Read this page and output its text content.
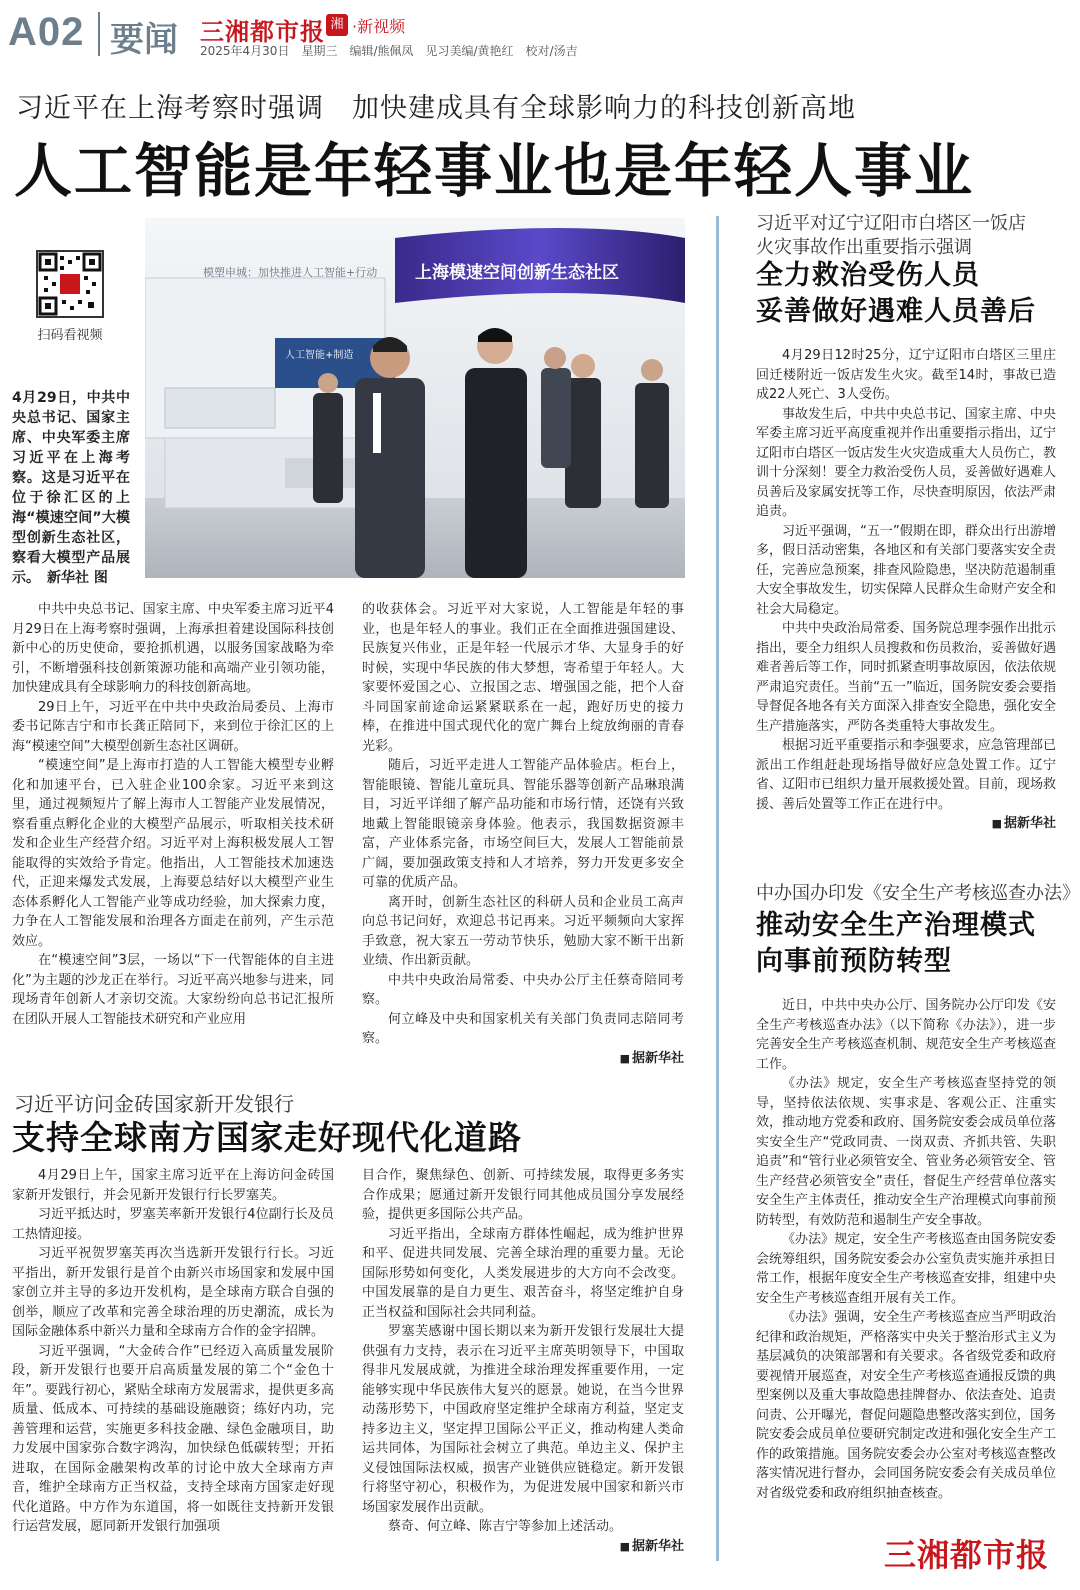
A02 要闻 三湘都市报 湘 ·新视频
2025年4月30日　星期三　编辑/熊佩凤　见习美编/黄艳红　校对/汤吉
习近平在上海考察时强调　加快建成具有全球影响力的科技创新高地
人工智能是年轻事业也是年轻人事业
扫码看视频
模塑申城：加快推进人工智能+行动
人工智能+制造
上海模速空间创新生态社区
4月29日，中共中央总书记、国家主席、中央军委主席习近平在上海考察。这是习近平在位于徐汇区的上海“模速空间”大模型创新生态社区，察看大模型产品展示。　新华社 图

中共中央总书记、国家主席、中央军委主席习近平4月29日在上海考察时强调，上海承担着建设国际科技创新中心的历史使命，要抢抓机遇，以服务国家战略为牵引，不断增强科技创新策源功能和高端产业引领功能，加快建成具有全球影响力的科技创新高地。

29日上午，习近平在中共中央政治局委员、上海市委书记陈吉宁和市长龚正陪同下，来到位于徐汇区的上海“模速空间”大模型创新生态社区调研。

“模速空间”是上海市打造的人工智能大模型专业孵化和加速平台，已入驻企业100余家。习近平来到这里，通过视频短片了解上海市人工智能产业发展情况，察看重点孵化企业的大模型产品展示，听取相关技术研发和企业生产经营介绍。习近平对上海积极发展人工智能取得的实效给予肯定。他指出，人工智能技术加速迭代，正迎来爆发式发展，上海要总结好以大模型产业生态体系孵化人工智能产业等成功经验，加大探索力度，力争在人工智能发展和治理各方面走在前列，产生示范效应。

在“模速空间”3层，一场以“下一代智能体的自主进化”为主题的沙龙正在举行。习近平高兴地参与进来，同现场青年创新人才亲切交流。大家纷纷向总书记汇报所在团队开展人工智能技术研究和产业应用

的收获体会。习近平对大家说，人工智能是年轻的事业，也是年轻人的事业。我们正在全面推进强国建设、民族复兴伟业，正是年轻一代展示才华、大显身手的好时候，实现中华民族的伟大梦想，寄希望于年轻人。大家要怀爱国之心、立报国之志、增强国之能，把个人奋斗同国家前途命运紧紧联系在一起，跑好历史的接力棒，在推进中国式现代化的宽广舞台上绽放绚丽的青春光彩。

随后，习近平走进人工智能产品体验店。柜台上，智能眼镜、智能儿童玩具、智能乐器等创新产品琳琅满目，习近平详细了解产品功能和市场行情，还饶有兴致地戴上智能眼镜亲身体验。他表示，我国数据资源丰富，产业体系完备，市场空间巨大，发展人工智能前景广阔，要加强政策支持和人才培养，努力开发更多安全可靠的优质产品。

离开时，创新生态社区的科研人员和企业员工高声向总书记问好，欢迎总书记再来。习近平频频向大家挥手致意，祝大家五一劳动节快乐，勉励大家不断干出新业绩、作出新贡献。

中共中央政治局常委、中央办公厅主任蔡奇陪同考察。

何立峰及中央和国家机关有关部门负责同志陪同考察。

■ 据新华社
习近平访问金砖国家新开发银行
支持全球南方国家走好现代化道路

4月29日上午，国家主席习近平在上海访问金砖国家新开发银行，并会见新开发银行行长罗塞芙。

习近平抵达时，罗塞芙率新开发银行4位副行长及员工热情迎接。

习近平祝贺罗塞芙再次当选新开发银行行长。习近平指出，新开发银行是首个由新兴市场国家和发展中国家创立并主导的多边开发机构，是全球南方联合自强的创举，顺应了改革和完善全球治理的历史潮流，成长为国际金融体系中新兴力量和全球南方合作的金字招牌。

习近平强调，“大金砖合作”已经迈入高质量发展阶段，新开发银行也要开启高质量发展的第二个“金色十年”。要践行初心，紧贴全球南方发展需求，提供更多高质量、低成本、可持续的基础设施融资；练好内功，完善管理和运营，实施更多科技金融、绿色金融项目，助力发展中国家弥合数字鸿沟，加快绿色低碳转型；开拓进取，在国际金融架构改革的讨论中放大全球南方声音，维护全球南方正当权益，支持全球南方国家走好现代化道路。中方作为东道国，将一如既往支持新开发银行运营发展，愿同新开发银行加强项

目合作，聚焦绿色、创新、可持续发展，取得更多务实合作成果；愿通过新开发银行同其他成员国分享发展经验，提供更多国际公共产品。

习近平指出，全球南方群体性崛起，成为维护世界和平、促进共同发展、完善全球治理的重要力量。无论国际形势如何变化，人类发展进步的大方向不会改变。中国发展靠的是自力更生、艰苦奋斗，将坚定维护自身正当权益和国际社会共同利益。

罗塞芙感谢中国长期以来为新开发银行发展壮大提供强有力支持，表示在习近平主席英明领导下，中国取得非凡发展成就，为推进全球治理发挥重要作用，一定能够实现中华民族伟大复兴的愿景。她说，在当今世界动荡形势下，中国政府坚定维护全球南方利益，坚定支持多边主义，坚定捍卫国际公平正义，推动构建人类命运共同体，为国际社会树立了典范。单边主义、保护主义侵蚀国际法权威，损害产业链供应链稳定。新开发银行将坚守初心，积极作为，为促进发展中国家和新兴市场国家发展作出贡献。

蔡奇、何立峰、陈吉宁等参加上述活动。

■ 据新华社
习近平对辽宁辽阳市白塔区一饭店
火灾事故作出重要指示强调
全力救治受伤人员
妥善做好遇难人员善后

4月29日12时25分，辽宁辽阳市白塔区三里庄回迁楼附近一饭店发生火灾。截至14时，事故已造成22人死亡、3人受伤。

事故发生后，中共中央总书记、国家主席、中央军委主席习近平高度重视并作出重要指示指出，辽宁辽阳市白塔区一饭店发生火灾造成重大人员伤亡，教训十分深刻！要全力救治受伤人员，妥善做好遇难人员善后及家属安抚等工作，尽快查明原因，依法严肃追责。

习近平强调，“五一”假期在即，群众出行出游增多，假日活动密集，各地区和有关部门要落实安全责任，完善应急预案，排查风险隐患，坚决防范遏制重大安全事故发生，切实保障人民群众生命财产安全和社会大局稳定。

中共中央政治局常委、国务院总理李强作出批示指出，要全力组织人员搜救和伤员救治，妥善做好遇难者善后等工作，同时抓紧查明事故原因，依法依规严肃追究责任。当前“五一”临近，国务院安委会要指导督促各地各有关方面深入排查安全隐患，强化安全生产措施落实，严防各类重特大事故发生。

根据习近平重要指示和李强要求，应急管理部已派出工作组赶赴现场指导做好应急处置工作。辽宁省、辽阳市已组织力量开展救援处置。目前，现场救援、善后处置等工作正在进行中。

■ 据新华社
中办国办印发《安全生产考核巡查办法》
推动安全生产治理模式
向事前预防转型

近日，中共中央办公厅、国务院办公厅印发《安全生产考核巡查办法》（以下简称《办法》），进一步完善安全生产考核巡查机制、规范安全生产考核巡查工作。

《办法》规定，安全生产考核巡查坚持党的领导，坚持依法依规、实事求是、客观公正、注重实效，推动地方党委和政府、国务院安委会成员单位落实安全生产“党政同责、一岗双责、齐抓共管、失职追责”和“管行业必须管安全、管业务必须管安全、管生产经营必须管安全”责任，督促生产经营单位落实安全生产主体责任，推动安全生产治理模式向事前预防转型，有效防范和遏制生产安全事故。

《办法》规定，安全生产考核巡查由国务院安委会统筹组织，国务院安委会办公室负责实施并承担日常工作，根据年度安全生产考核巡查安排，组建中央安全生产考核巡查组开展有关工作。

《办法》强调，安全生产考核巡查应当严明政治纪律和政治规矩，严格落实中央关于整治形式主义为基层减负的决策部署和有关要求。各省级党委和政府要视情开展巡查，对安全生产考核巡查通报反馈的典型案例以及重大事故隐患挂牌督办、依法查处、追责问责、公开曝光，督促问题隐患整改落实到位，国务院安委会成员单位要研究制定改进和强化安全生产工作的政策措施。国务院安委会办公室对考核巡查整改落实情况进行督办，会同国务院安委会有关成员单位对省级党委和政府组织抽查核查。

三湘都市报
